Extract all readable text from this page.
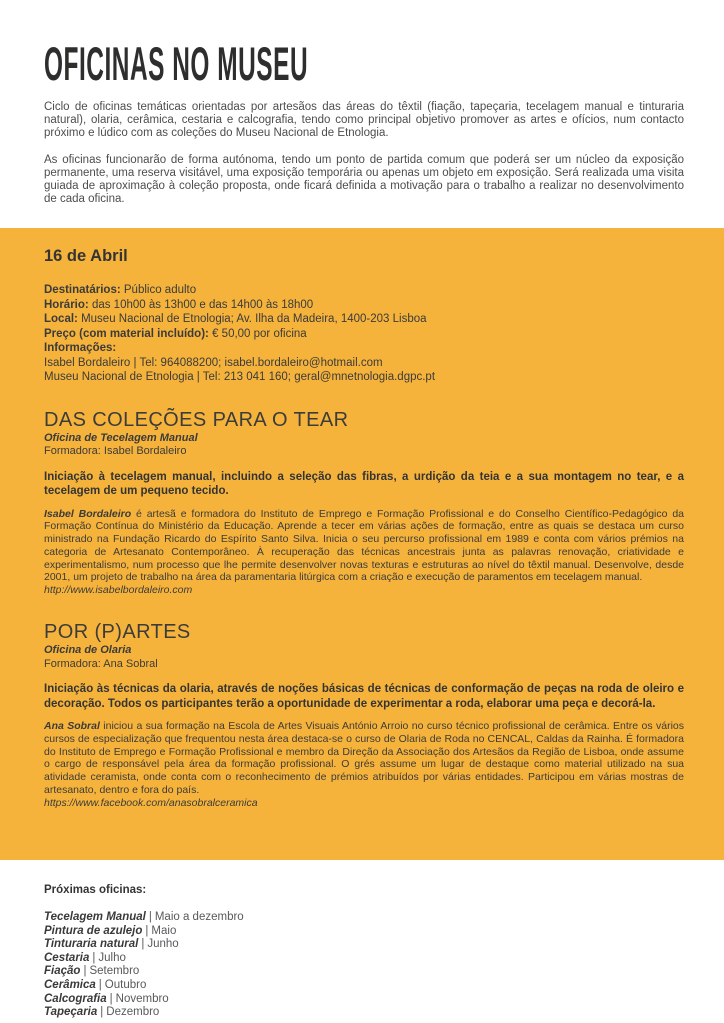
OFICINAS NO MUSEU

Ciclo de oficinas temáticas orientadas por artesãos das áreas do têxtil (fiação, tapeçaria, tecelagem manual e tinturaria natural), olaria, cerâmica, cestaria e calcografia, tendo como principal objetivo promover as artes e ofícios, num contacto próximo e lúdico com as coleções do Museu Nacional de Etnologia.

As oficinas funcionarão de forma autónoma, tendo um ponto de partida comum que poderá ser um núcleo da exposição permanente, uma reserva visitável, uma exposição temporária ou apenas um objeto em exposição. Será realizada uma visita guiada de aproximação à coleção proposta, onde ficará definida a motivação para o trabalho a realizar no desenvolvimento de cada oficina.

16 de Abril
Destinatários: Público adulto
Horário: das 10h00 às 13h00 e das 14h00 às 18h00
Local: Museu Nacional de Etnologia; Av. Ilha da Madeira, 1400-203 Lisboa
Preço (com material incluído): € 50,00 por oficina
Informações:
Isabel Bordaleiro | Tel: 964088200; isabel.bordaleiro@hotmail.com
Museu Nacional de Etnologia | Tel: 213 041 160; geral@mnetnologia.dgpc.pt
DAS COLEÇÕES PARA O TEAR
Oficina de Tecelagem Manual
Formadora: Isabel Bordaleiro

Iniciação à tecelagem manual, incluindo a seleção das fibras, a urdição da teia e a sua montagem no tear, e a tecelagem de um pequeno tecido.

Isabel Bordaleiro é artesã e formadora do Instituto de Emprego e Formação Profissional e do Conselho Científico-Pedagógico da Formação Contínua do Ministério da Educação. Aprende a tecer em várias ações de formação, entre as quais se destaca um curso ministrado na Fundação Ricardo do Espírito Santo Silva. Inicia o seu percurso profissional em 1989 e conta com vários prémios na categoria de Artesanato Contemporâneo. À recuperação das técnicas ancestrais junta as palavras renovação, criatividade e experimentalismo, num processo que lhe permite desenvolver novas texturas e estruturas ao nível do têxtil manual. Desenvolve, desde 2001, um projeto de trabalho na área da paramentaria litúrgica com a criação e execução de paramentos em tecelagem manual.

http://www.isabelbordaleiro.com
POR (P)ARTES
Oficina de Olaria
Formadora: Ana Sobral

Iniciação às técnicas da olaria, através de noções básicas de técnicas de conformação de peças na roda de oleiro e decoração. Todos os participantes terão a oportunidade de experimentar a roda, elaborar uma peça e decorá-la.

Ana Sobral iniciou a sua formação na Escola de Artes Visuais António Arroio no curso técnico profissional de cerâmica. Entre os vários cursos de especialização que frequentou nesta área destaca-se o curso de Olaria de Roda no CENCAL, Caldas da Rainha. É formadora do Instituto de Emprego e Formação Profissional e membro da Direção da Associação dos Artesãos da Região de Lisboa, onde assume o cargo de responsável pela área da formação profissional. O grés assume um lugar de destaque como material utilizado na sua atividade ceramista, onde conta com o reconhecimento de prémios atribuídos por várias entidades. Participou em várias mostras de artesanato, dentro e fora do país.

https://www.facebook.com/anasobralceramica
Próximas oficinas:
Tecelagem Manual | Maio a dezembro
Pintura de azulejo | Maio
Tinturaria natural | Junho
Cestaria | Julho
Fiação | Setembro
Cerâmica | Outubro
Calcografia | Novembro
Tapeçaria | Dezembro
